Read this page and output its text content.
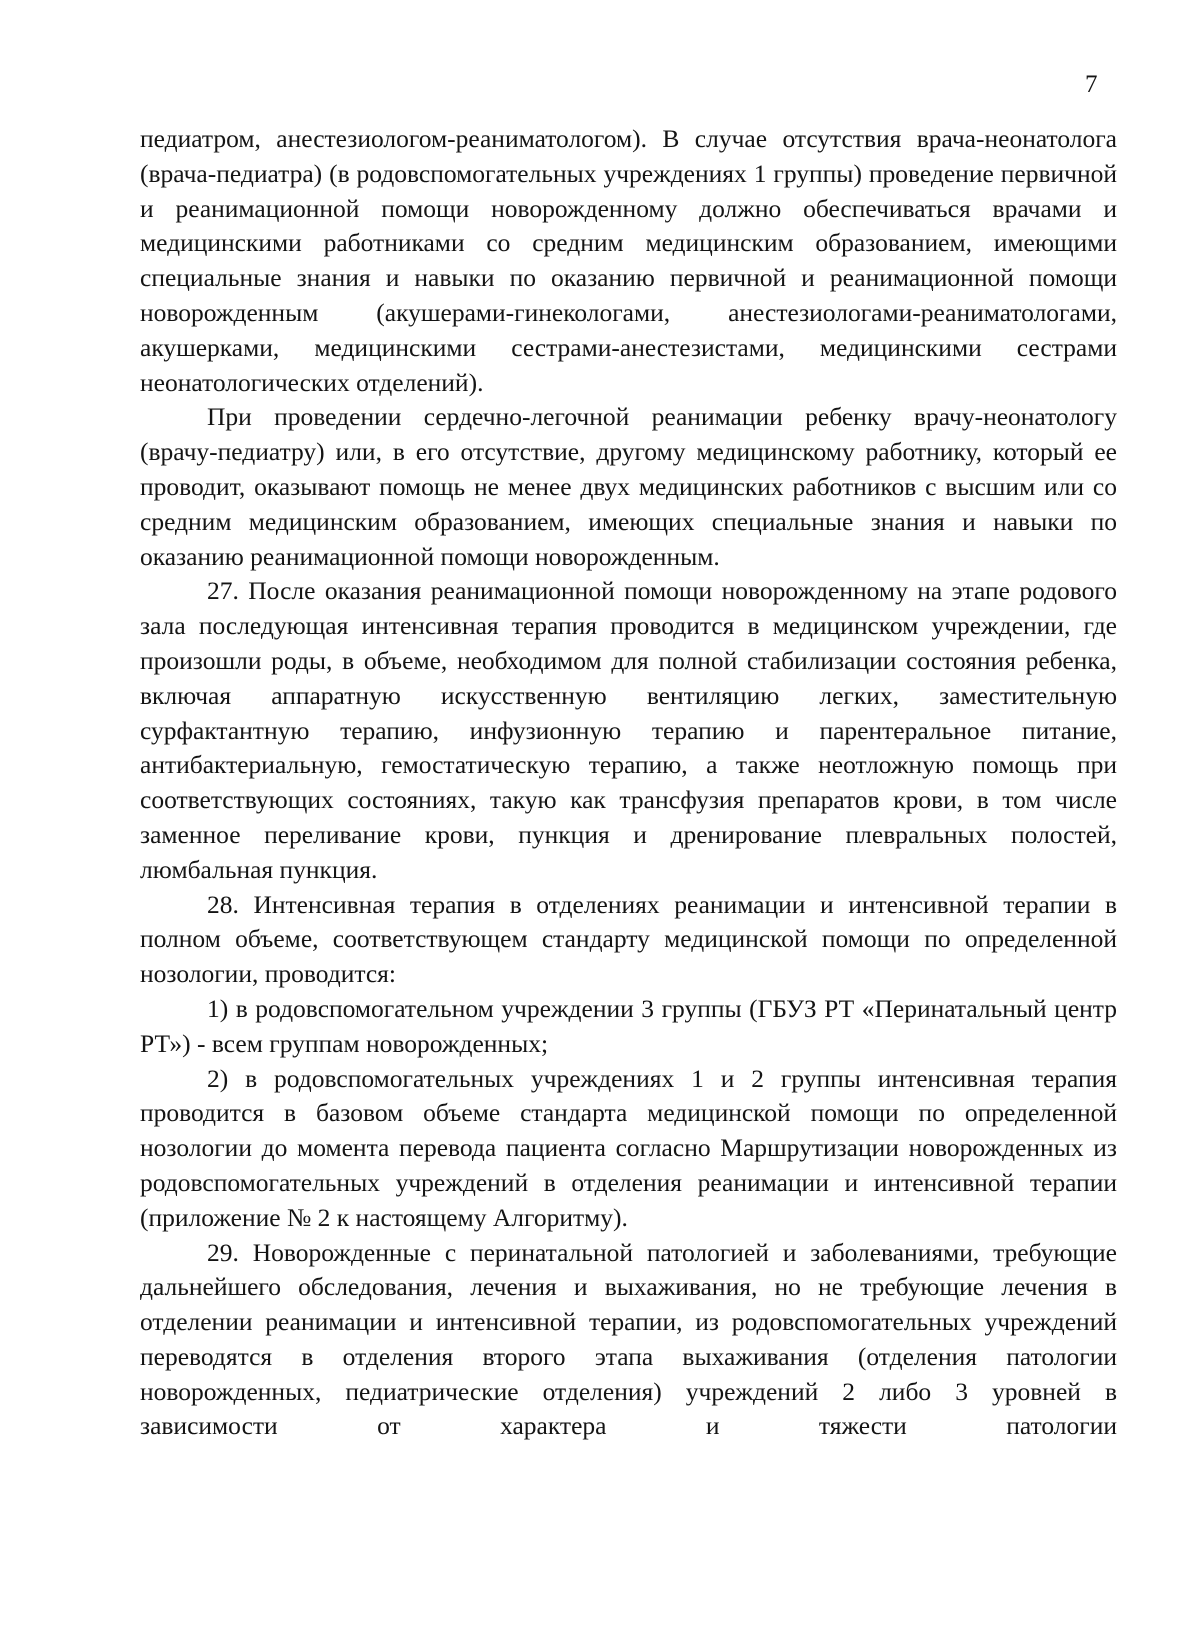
7

педиатром, анестезиологом-реаниматологом). В случае отсутствия врача-неонатолога (врача-педиатра) (в родовспомогательных учреждениях 1 группы) проведение первичной и реанимационной помощи новорожденному должно обеспечиваться врачами и медицинскими работниками со средним медицинским образованием, имеющими специальные знания и навыки по оказанию первичной и реанимационной помощи новорожденным (акушерами-гинекологами, анестезиологами-реаниматологами, акушерками, медицинскими сестрами-анестезистами, медицинскими сестрами неонатологических отделений).

При проведении сердечно-легочной реанимации ребенку врачу-неонатологу (врачу-педиатру) или, в его отсутствие, другому медицинскому работнику, который ее проводит, оказывают помощь не менее двух медицинских работников с высшим или со средним медицинским образованием, имеющих специальные знания и навыки по оказанию реанимационной помощи новорожденным.

27. После оказания реанимационной помощи новорожденному на этапе родового зала последующая интенсивная терапия проводится в медицинском учреждении, где произошли роды, в объеме, необходимом для полной стабилизации состояния ребенка, включая аппаратную искусственную вентиляцию легких, заместительную сурфактантную терапию, инфузионную терапию и парентеральное питание, антибактериальную, гемостатическую терапию, а также неотложную помощь при соответствующих состояниях, такую как трансфузия препаратов крови, в том числе заменное переливание крови, пункция и дренирование плевральных полостей, люмбальная пункция.

28. Интенсивная терапия в отделениях реанимации и интенсивной терапии в полном объеме, соответствующем стандарту медицинской помощи по определенной нозологии, проводится:

1) в родовспомогательном учреждении 3 группы (ГБУЗ РТ «Перинатальный центр РТ») - всем группам новорожденных;

2) в родовспомогательных учреждениях 1 и 2 группы интенсивная терапия проводится в базовом объеме стандарта медицинской помощи по определенной нозологии до момента перевода пациента согласно Маршрутизации новорожденных из родовспомогательных учреждений в отделения реанимации и интенсивной терапии (приложение № 2 к настоящему Алгоритму).

29. Новорожденные с перинатальной патологией и заболеваниями, требующие дальнейшего обследования, лечения и выхаживания, но не требующие лечения в отделении реанимации и интенсивной терапии, из родовспомогательных учреждений переводятся в отделения второго этапа выхаживания (отделения патологии новорожденных, педиатрические отделения) учреждений 2 либо 3 уровней в зависимости от характера и тяжести патологии
